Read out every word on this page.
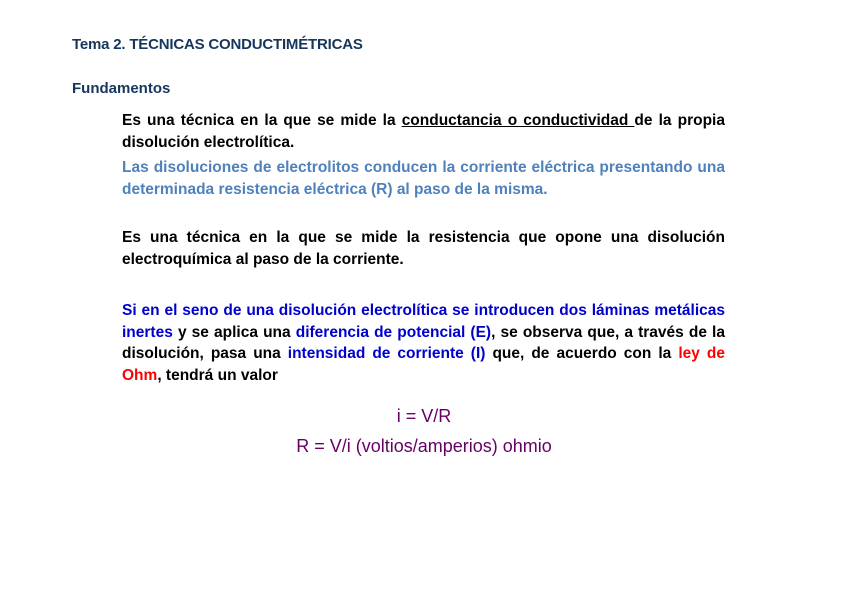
Tema 2. TÉCNICAS CONDUCTIMÉTRICAS
Fundamentos
Es una técnica en la que se mide la conductancia o conductividad de la propia disolución electrolítica.
Las disoluciones de electrolitos conducen la corriente eléctrica presentando una determinada resistencia eléctrica (R) al paso de la misma.
Es una técnica en la que se mide la resistencia que opone una disolución electroquímica al paso de la corriente.
Si en el seno de una disolución electrolítica se introducen dos láminas metálicas inertes y se aplica una diferencia de potencial (E), se observa que, a través de la disolución, pasa una intensidad de corriente (I) que, de acuerdo con la ley de Ohm, tendrá un valor
i = V/R
R = V/i (voltios/amperios) ohmio
